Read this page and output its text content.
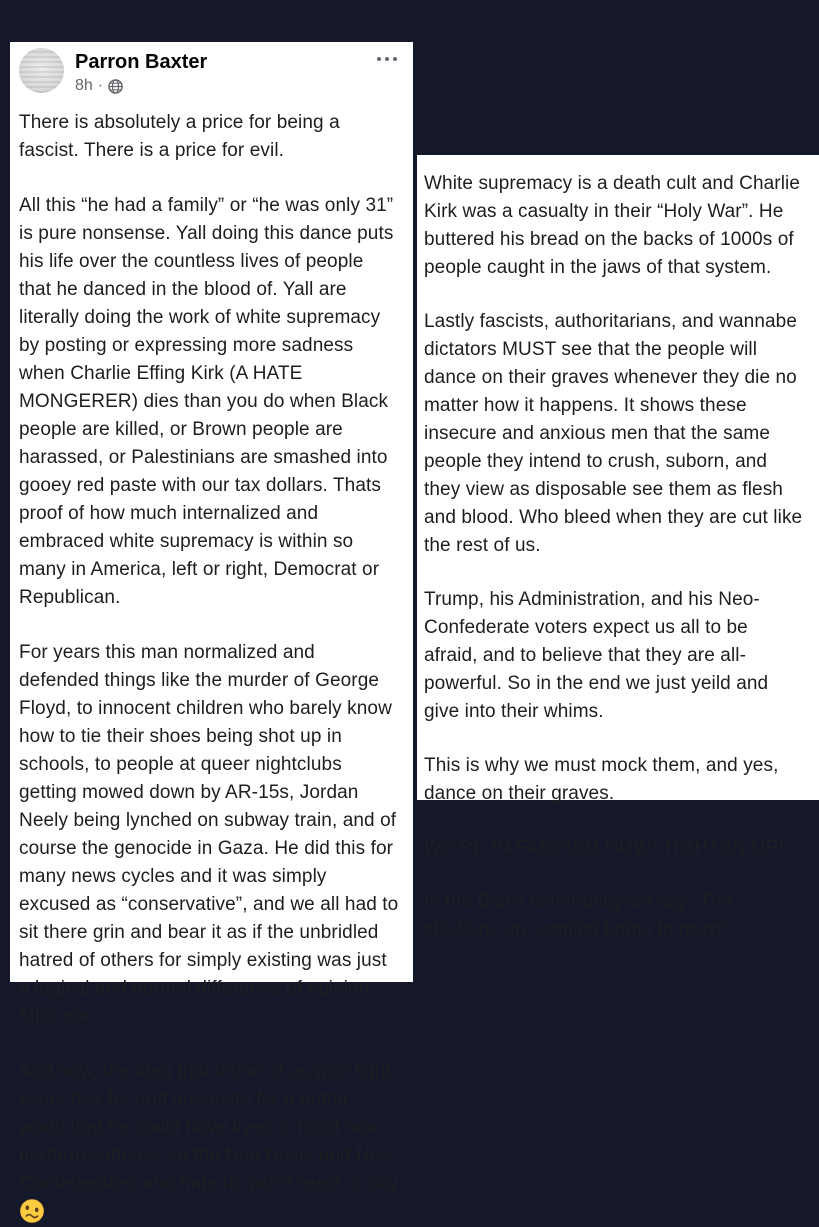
Parron Baxter
8h ·

There is absolutely a price for being a fascist. There is a price for evil.

All this “he had a family” or “he was only 31” is pure nonsense. Yall doing this dance puts his life over the countless lives of people that he danced in the blood of. Yall are literally doing the work of white supremacy by posting or expressing more sadness when Charlie Effing Kirk (A HATE MONGERER) dies than you do when Black people are killed, or Brown people are harassed, or Palestinians are smashed into gooey red paste with our tax dollars. Thats proof of how much internalized and embraced white supremacy is within so many in America, left or right, Democrat or Republican.

For years this man normalized and defended things like the murder of George Floyd, to innocent children who barely know how to tie their shoes being shot up in schools, to people at queer nightclubs getting mowed down by AR-15s, Jordan Neely being lynched on subway train, and of course the genocide in Gaza. He did this for many news cycles and it was simply excused as “conservative”, and we all had to sit there grin and bear it as if the unbridled hatred of others for simply existing was just a logical and normal difference of opinion. Miss me.

And now, the idea that those of us who fight every day for and advocate for a better world that he could have lived in must now perform sadness so the Neo Nazis and Neo Confederates who hate us won’t react is silly  .

White supremacy is a death cult and Charlie Kirk was a casualty in their “Holy War”. He buttered his bread on the backs of 1000s of people caught in the jaws of that system.

Lastly fascists, authoritarians, and wannabe dictators MUST see that the people will dance on their graves whenever they die no matter how it happens. It shows these insecure and anxious men that the same people they intend to crush, suborn, and they view as disposable see them as flesh and blood. Who bleed when they are cut like the rest of us.

Trump, his Administration, and his Neo-Confederate voters expect us all to be afraid, and to believe that they are all-powerful. So in the end we just yeild and give into their whims.

This is why we must mock them, and yes, dance on their graves.

WE’RE IN FASCISM NOW! TIGHTEN UP!

In the Black community we say “The chickens are coming home to roost”...
